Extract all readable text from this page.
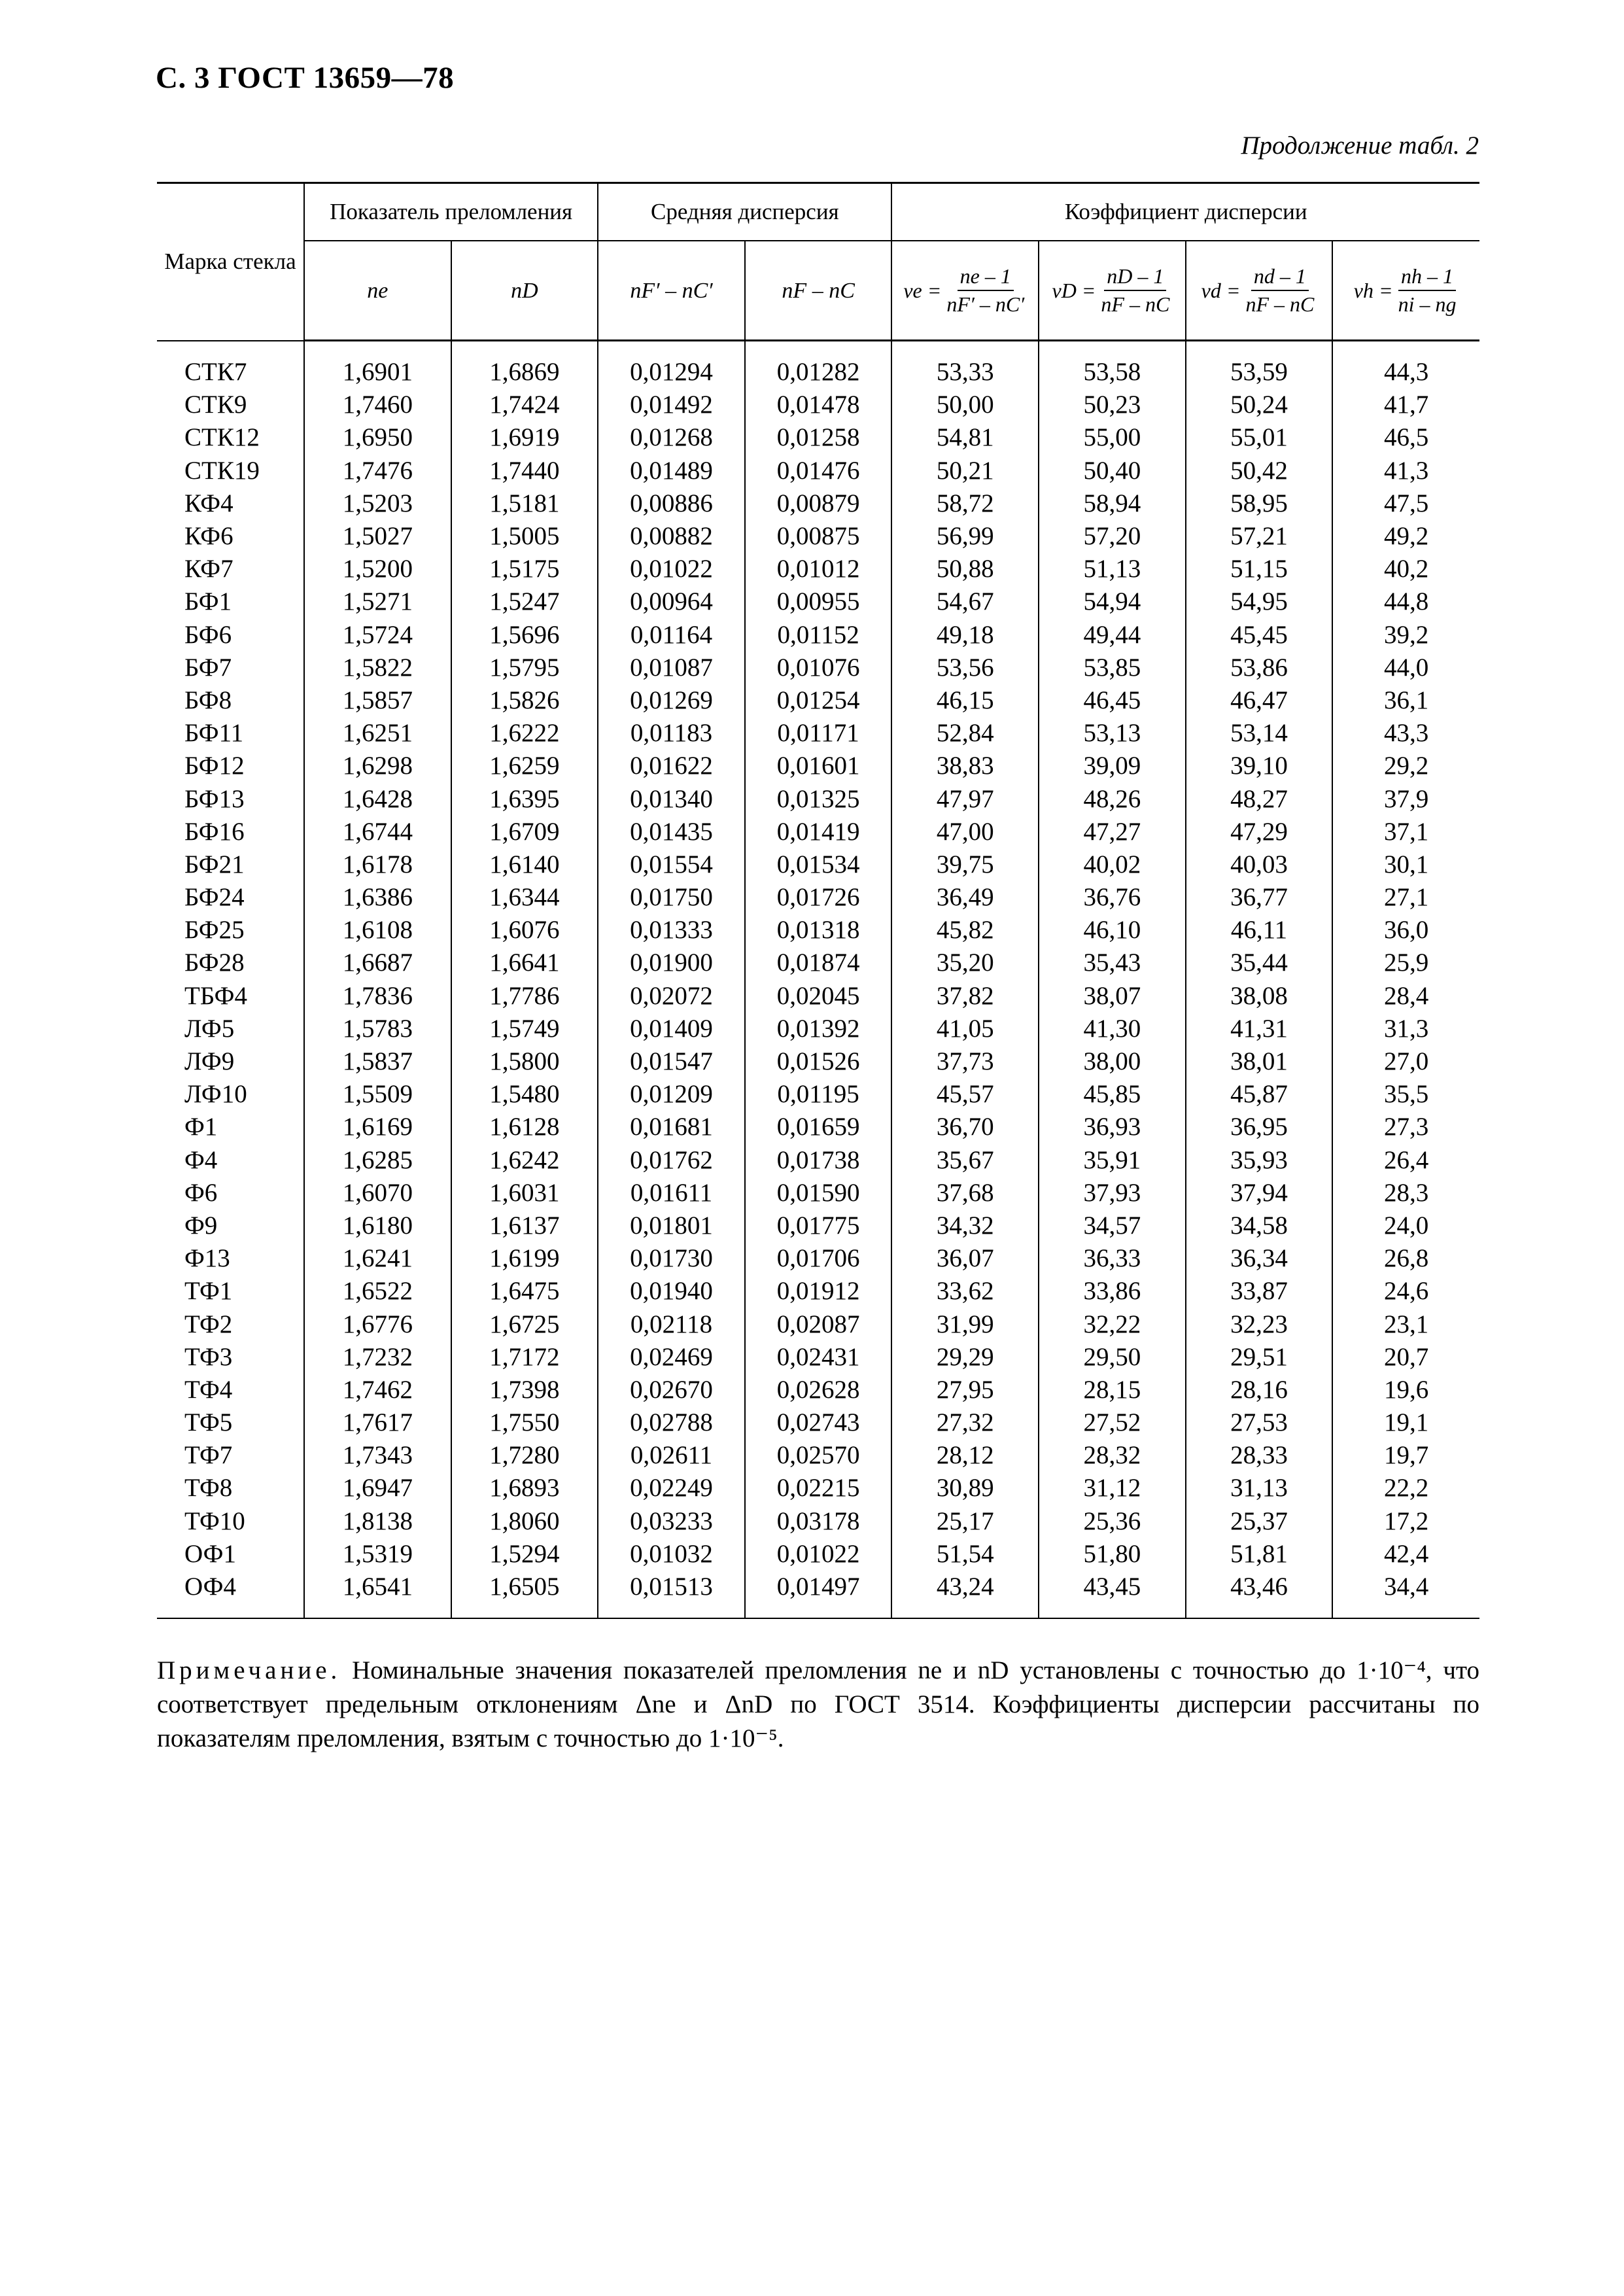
С. 3 ГОСТ 13659—78
Продолжение табл. 2
Марка стекла	Показатель преломления		Средняя дисперсия		Коэффициент дисперсии			
	ne	nD	nF′ – nC′	nF – nC	$\nu e = \frac{ne - 1}{nF' - nC'}$	$\nu D = \frac{nD - 1}{nF - nC}$	$\nu d = \frac{nd - 1}{nF - nC}$	$\nu h = \frac{nh - 1}{ni - ng}$

СТК7	1,6901	1,6869	0,01294	0,01282	53,33	53,58	53,59	44,3
СТК9	1,7460	1,7424	0,01492	0,01478	50,00	50,23	50,24	41,7
СТК12	1,6950	1,6919	0,01268	0,01258	54,81	55,00	55,01	46,5
СТК19	1,7476	1,7440	0,01489	0,01476	50,21	50,40	50,42	41,3
КФ4	1,5203	1,5181	0,00886	0,00879	58,72	58,94	58,95	47,5
КФ6	1,5027	1,5005	0,00882	0,00875	56,99	57,20	57,21	49,2
КФ7	1,5200	1,5175	0,01022	0,01012	50,88	51,13	51,15	40,2
БФ1	1,5271	1,5247	0,00964	0,00955	54,67	54,94	54,95	44,8
БФ6	1,5724	1,5696	0,01164	0,01152	49,18	49,44	45,45	39,2
БФ7	1,5822	1,5795	0,01087	0,01076	53,56	53,85	53,86	44,0
БФ8	1,5857	1,5826	0,01269	0,01254	46,15	46,45	46,47	36,1
БФ11	1,6251	1,6222	0,01183	0,01171	52,84	53,13	53,14	43,3
БФ12	1,6298	1,6259	0,01622	0,01601	38,83	39,09	39,10	29,2
БФ13	1,6428	1,6395	0,01340	0,01325	47,97	48,26	48,27	37,9
БФ16	1,6744	1,6709	0,01435	0,01419	47,00	47,27	47,29	37,1
БФ21	1,6178	1,6140	0,01554	0,01534	39,75	40,02	40,03	30,1
БФ24	1,6386	1,6344	0,01750	0,01726	36,49	36,76	36,77	27,1
БФ25	1,6108	1,6076	0,01333	0,01318	45,82	46,10	46,11	36,0
БФ28	1,6687	1,6641	0,01900	0,01874	35,20	35,43	35,44	25,9
ТБФ4	1,7836	1,7786	0,02072	0,02045	37,82	38,07	38,08	28,4
ЛФ5	1,5783	1,5749	0,01409	0,01392	41,05	41,30	41,31	31,3
ЛФ9	1,5837	1,5800	0,01547	0,01526	37,73	38,00	38,01	27,0
ЛФ10	1,5509	1,5480	0,01209	0,01195	45,57	45,85	45,87	35,5
Ф1	1,6169	1,6128	0,01681	0,01659	36,70	36,93	36,95	27,3
Ф4	1,6285	1,6242	0,01762	0,01738	35,67	35,91	35,93	26,4
Ф6	1,6070	1,6031	0,01611	0,01590	37,68	37,93	37,94	28,3
Ф9	1,6180	1,6137	0,01801	0,01775	34,32	34,57	34,58	24,0
Ф13	1,6241	1,6199	0,01730	0,01706	36,07	36,33	36,34	26,8
ТФ1	1,6522	1,6475	0,01940	0,01912	33,62	33,86	33,87	24,6
ТФ2	1,6776	1,6725	0,02118	0,02087	31,99	32,22	32,23	23,1
ТФ3	1,7232	1,7172	0,02469	0,02431	29,29	29,50	29,51	20,7
ТФ4	1,7462	1,7398	0,02670	0,02628	27,95	28,15	28,16	19,6
ТФ5	1,7617	1,7550	0,02788	0,02743	27,32	27,52	27,53	19,1
ТФ7	1,7343	1,7280	0,02611	0,02570	28,12	28,32	28,33	19,7
ТФ8	1,6947	1,6893	0,02249	0,02215	30,89	31,12	31,13	22,2
ТФ10	1,8138	1,8060	0,03233	0,03178	25,17	25,36	25,37	17,2
ОФ1	1,5319	1,5294	0,01032	0,01022	51,54	51,80	51,81	42,4
ОФ4	1,6541	1,6505	0,01513	0,01497	43,24	43,45	43,46	34,4
Примечание. Номинальные значения показателей преломления ne и nD установлены с точностью до 1·10⁻⁴, что соответствует предельным отклонениям Δne и ΔnD по ГОСТ 3514. Коэффициенты дисперсии рассчитаны по показателям преломления, взятым с точностью до 1·10⁻⁵.
